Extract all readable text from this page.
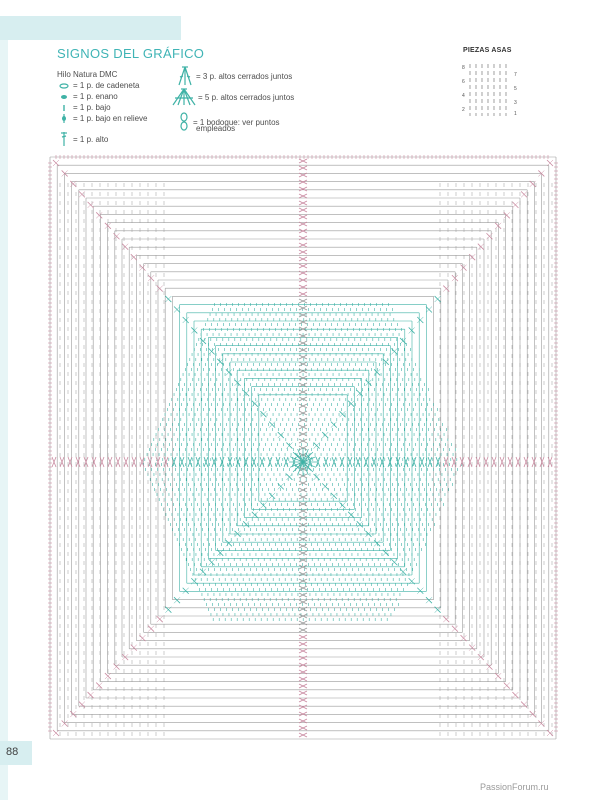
SIGNOS DEL GRÁFICO
Hilo Natura DMC
= 1 p. de cadeneta
= 1 p. enano
= 1 p. bajo
= 1 p. bajo en relieve
= 1 p. alto
= 3 p. altos cerrados juntos
= 5 p. altos cerrados juntos
= 1 bodoque: ver puntos
empleados
PIEZAS ASAS
8
6
4
2
7
5
3
1
88
PassionForum.ru
